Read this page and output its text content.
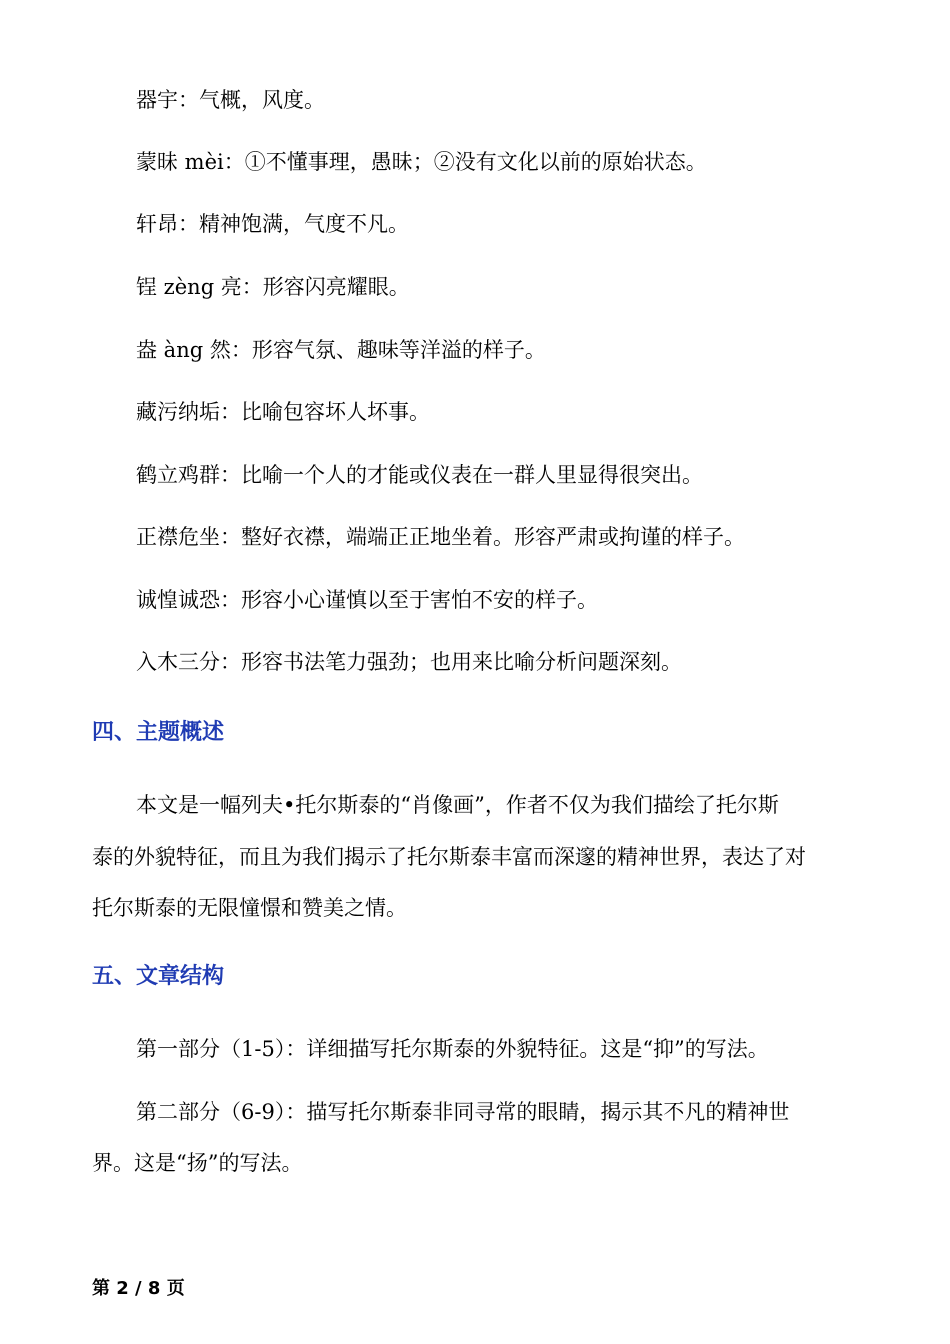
器宇：气概，风度。
蒙昧 mèi：①不懂事理，愚昧；②没有文化以前的原始状态。
轩昂：精神饱满，气度不凡。
锃 zèng 亮：形容闪亮耀眼。
盎 àng 然：形容气氛、趣味等洋溢的样子。
藏污纳垢：比喻包容坏人坏事。
鹤立鸡群：比喻一个人的才能或仪表在一群人里显得很突出。
正襟危坐：整好衣襟，端端正正地坐着。形容严肃或拘谨的样子。
诚惶诚恐：形容小心谨慎以至于害怕不安的样子。
入木三分：形容书法笔力强劲；也用来比喻分析问题深刻。
四、主题概述
本文是一幅列夫•托尔斯泰的“肖像画”，作者不仅为我们描绘了托尔斯
泰的外貌特征，而且为我们揭示了托尔斯泰丰富而深邃的精神世界，表达了对
托尔斯泰的无限憧憬和赞美之情。
五、文章结构
第一部分（1-5）：详细描写托尔斯泰的外貌特征。这是“抑”的写法。
第二部分（6-9）：描写托尔斯泰非同寻常的眼睛，揭示其不凡的精神世
界。这是“扬”的写法。
第 2 / 8 页
